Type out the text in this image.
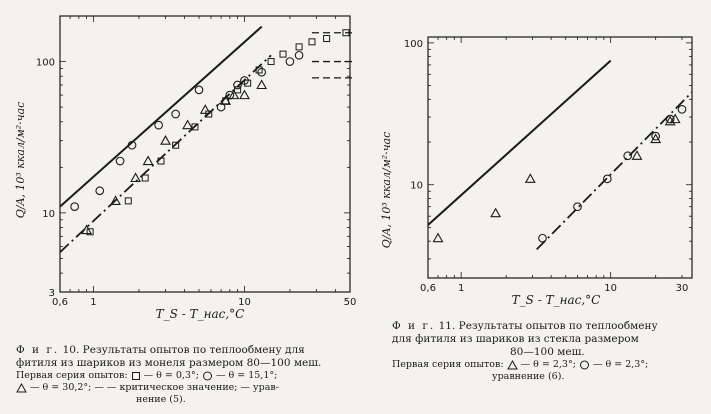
0,6 1	10	50
3
10
100
T_S - T_нас,°C
Q/A, 10³ ккал/м²·час
0,6 1	10	30
10
100
T_S - T_нас,°C
Q/A, 10³ ккал/м²·час
Ф и г. 10. Результаты опытов по теплообмену для
фитиля из шариков из монеля размером 80—100 меш.
Первая серия опытов: — θ = 0,3°; — θ = 15,1°;
— θ = 30,2°; — — критическое значение; — урав-
нение (5).
Ф и г. 11. Результаты опытов по теплообмену
для фитиля из шариков из стекла размером
80—100 меш.
Первая серия опытов: — θ = 2,3°; — θ = 2,3°;
уравнение (6).
